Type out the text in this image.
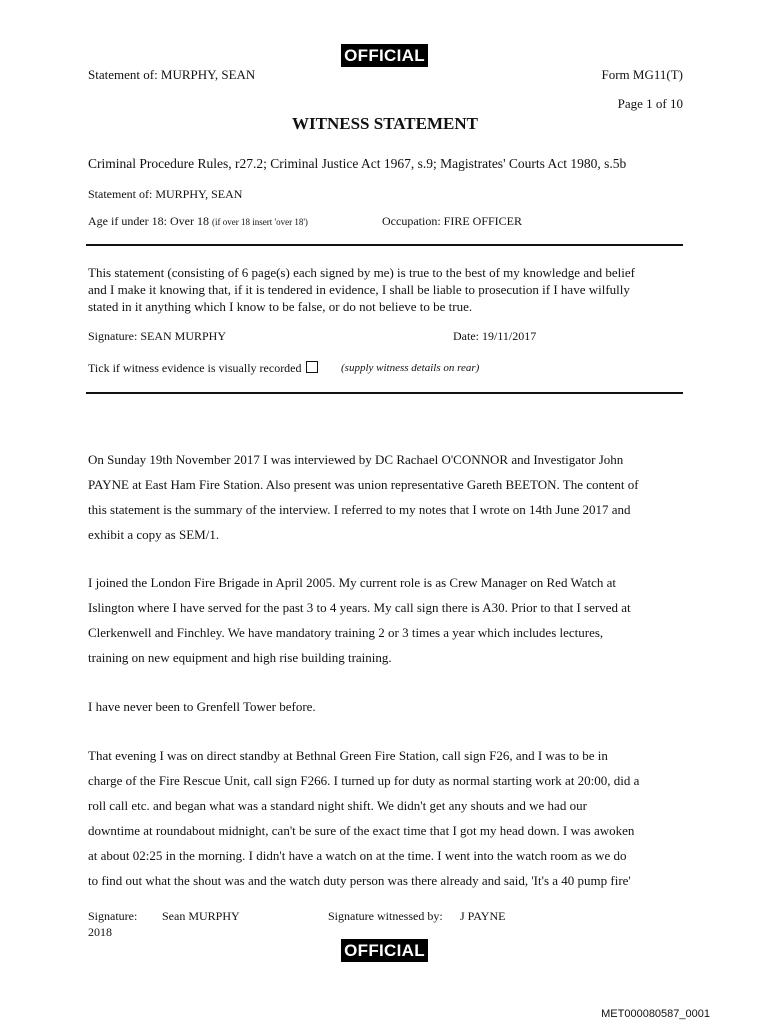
OFFICIAL
Statement of: MURPHY, SEAN	Form MG11(T)
Page 1 of 10
WITNESS STATEMENT
Criminal Procedure Rules, r27.2; Criminal Justice Act 1967, s.9; Magistrates' Courts Act 1980, s.5b
Statement of: MURPHY, SEAN
Age if under 18: Over 18 (if over 18 insert 'over 18')	Occupation: FIRE OFFICER
This statement (consisting of 6 page(s) each signed by me) is true to the best of my knowledge and belief
and I make it knowing that, if it is tendered in evidence, I shall be liable to prosecution if I have wilfully
stated in it anything which I know to be false, or do not believe to be true.
Signature: SEAN MURPHY	Date: 19/11/2017
Tick if witness evidence is visually recorded	(supply witness details on rear)

On Sunday 19th November 2017 I was interviewed by DC Rachael O'CONNOR and Investigator John

PAYNE at East Ham Fire Station. Also present was union representative Gareth BEETON. The content of

this statement is the summary of the interview. I referred to my notes that I wrote on 14th June 2017 and

exhibit a copy as SEM/1.

I joined the London Fire Brigade in April 2005. My current role is as Crew Manager on Red Watch at

Islington where I have served for the past 3 to 4 years. My call sign there is A30. Prior to that I served at

Clerkenwell and Finchley. We have mandatory training 2 or 3 times a year which includes lectures,

training on new equipment and high rise building training.

I have never been to Grenfell Tower before.

That evening I was on direct standby at Bethnal Green Fire Station, call sign F26, and I was to be in

charge of the Fire Rescue Unit, call sign F266. I turned up for duty as normal starting work at 20:00, did a

roll call etc. and began what was a standard night shift. We didn't get any shouts and we had our

downtime at roundabout midnight, can't be sure of the exact time that I got my head down. I was awoken

at about 02:25 in the morning. I didn't have a watch on at the time. I went into the watch room as we do

to find out what the shout was and the watch duty person was there already and said, 'It's a 40 pump fire'

Signature: Sean MURPHY
2018
Signature witnessed by: J PAYNE
OFFICIAL
MET000080587_0001
